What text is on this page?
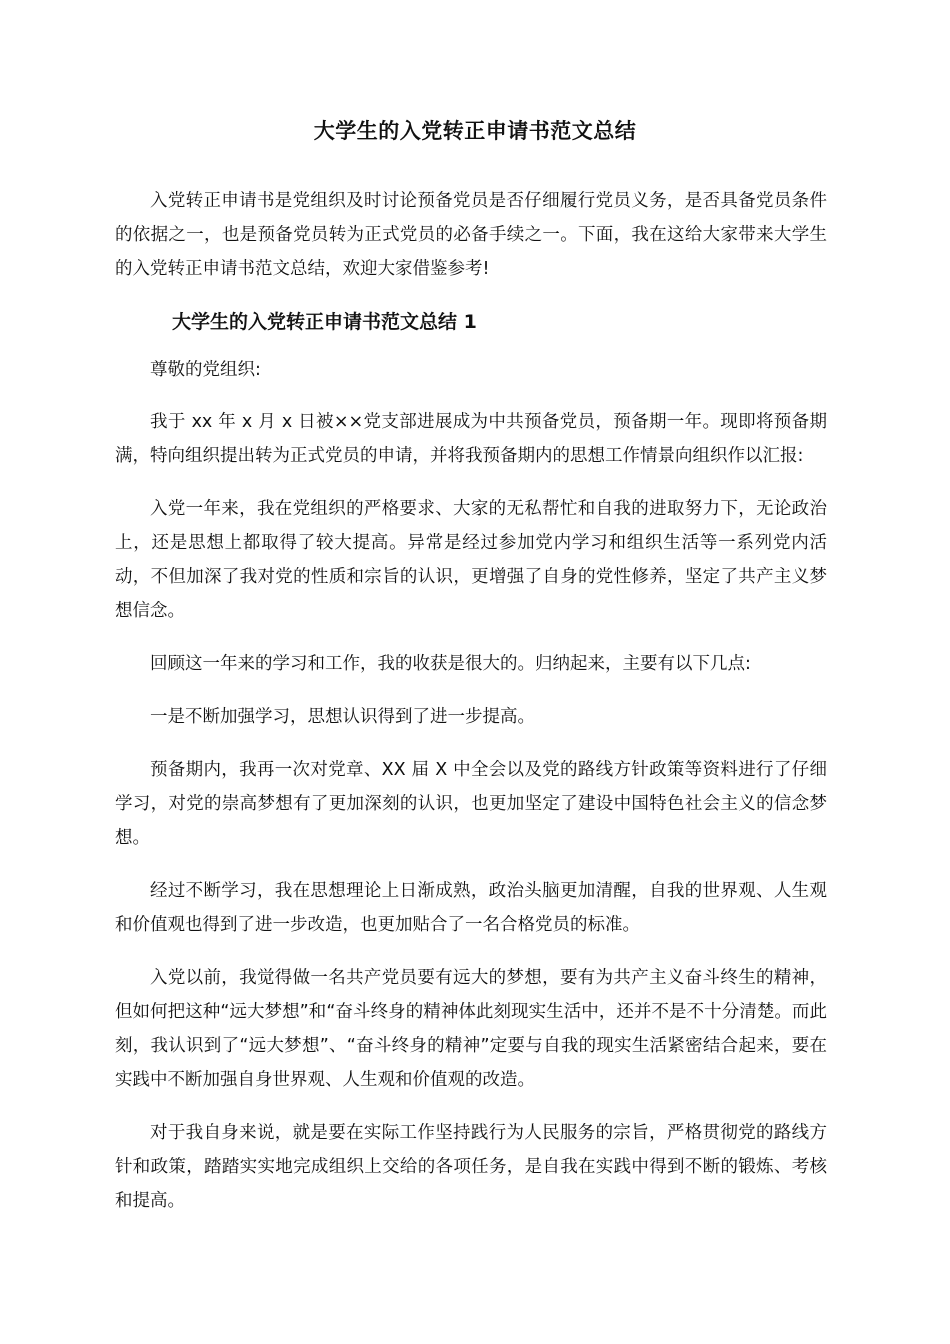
大学生的入党转正申请书范文总结

入党转正申请书是党组织及时讨论预备党员是否仔细履行党员义务，是否具备党员条件的依据之一，也是预备党员转为正式党员的必备手续之一。下面，我在这给大家带来大学生的入党转正申请书范文总结，欢迎大家借鉴参考!

大学生的入党转正申请书范文总结 1

尊敬的党组织:

我于 xx 年 x 月 x 日被××党支部进展成为中共预备党员，预备期一年。现即将预备期满，特向组织提出转为正式党员的申请，并将我预备期内的思想工作情景向组织作以汇报:

入党一年来，我在党组织的严格要求、大家的无私帮忙和自我的进取努力下，无论政治上，还是思想上都取得了较大提高。异常是经过参加党内学习和组织生活等一系列党内活动，不但加深了我对党的性质和宗旨的认识，更增强了自身的党性修养，坚定了共产主义梦想信念。

回顾这一年来的学习和工作，我的收获是很大的。归纳起来，主要有以下几点:

一是不断加强学习，思想认识得到了进一步提高。

预备期内，我再一次对党章、XX 届 X 中全会以及党的路线方针政策等资料进行了仔细学习，对党的崇高梦想有了更加深刻的认识，也更加坚定了建设中国特色社会主义的信念梦想。

经过不断学习，我在思想理论上日渐成熟，政治头脑更加清醒，自我的世界观、人生观和价值观也得到了进一步改造，也更加贴合了一名合格党员的标准。

入党以前，我觉得做一名共产党员要有远大的梦想，要有为共产主义奋斗终生的精神，但如何把这种“远大梦想”和“奋斗终身的精神体此刻现实生活中，还并不是不十分清楚。而此刻，我认识到了“远大梦想”、“奋斗终身的精神”定要与自我的现实生活紧密结合起来，要在实践中不断加强自身世界观、人生观和价值观的改造。

对于我自身来说，就是要在实际工作坚持践行为人民服务的宗旨，严格贯彻党的路线方针和政策，踏踏实实地完成组织上交给的各项任务，是自我在实践中得到不断的锻炼、考核和提高。
